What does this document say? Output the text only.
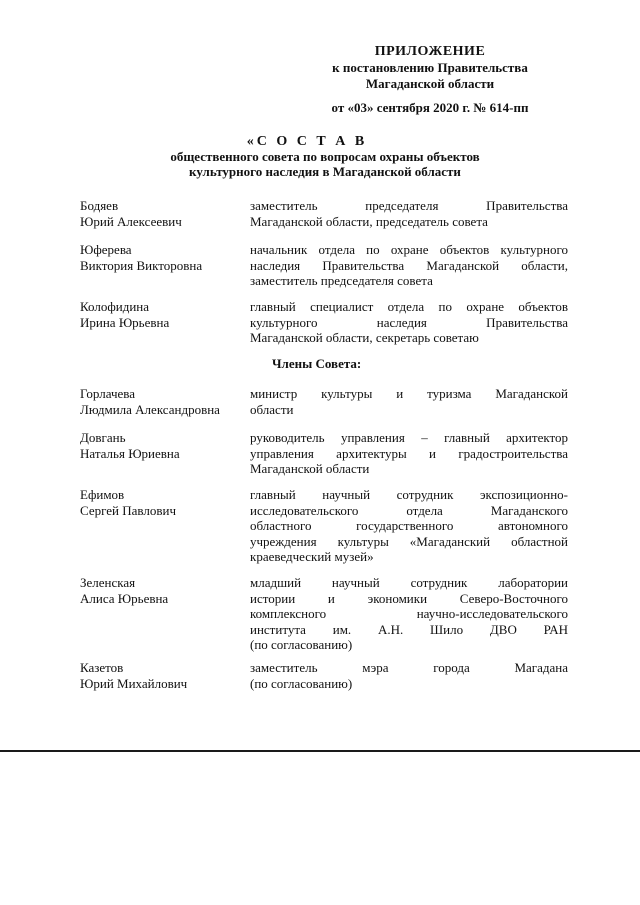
ПРИЛОЖЕНИЕ
к постановлению Правительства
Магаданской области
от «03» сентября 2020 г. № 614-пп
«С О С Т А В
общественного совета по вопросам охраны объектов
культурного наследия в Магаданской области
Бодяев
Юрий Алексеевич
заместитель председателя Правительства
Магаданской области, председатель совета
Юферева
Виктория Викторовна
начальник отдела по охране объектов культурного
наследия Правительства Магаданской области,
заместитель председателя совета
Колофидина
Ирина Юрьевна
главный специалист отдела по охране объектов
культурного наследия Правительства
Магаданской области, секретарь советаю
Члены Совета:
Горлачева
Людмила Александровна
министр культуры и туризма Магаданской
области
Довгань
Наталья Юриевна
руководитель управления – главный архитектор
управления архитектуры и градостроительства
Магаданской области
Ефимов
Сергей Павлович
главный научный сотрудник экспозиционно-
исследовательского отдела Магаданского
областного государственного автономного
учреждения культуры «Магаданский областной
краеведческий музей»
Зеленская
Алиса Юрьевна
младший научный сотрудник лаборатории
истории и экономики Северо-Восточного
комплексного научно-исследовательского
института им. А.Н. Шило ДВО РАН
(по согласованию)
Казетов
Юрий Михайлович
заместитель мэра города Магадана
(по согласованию)
